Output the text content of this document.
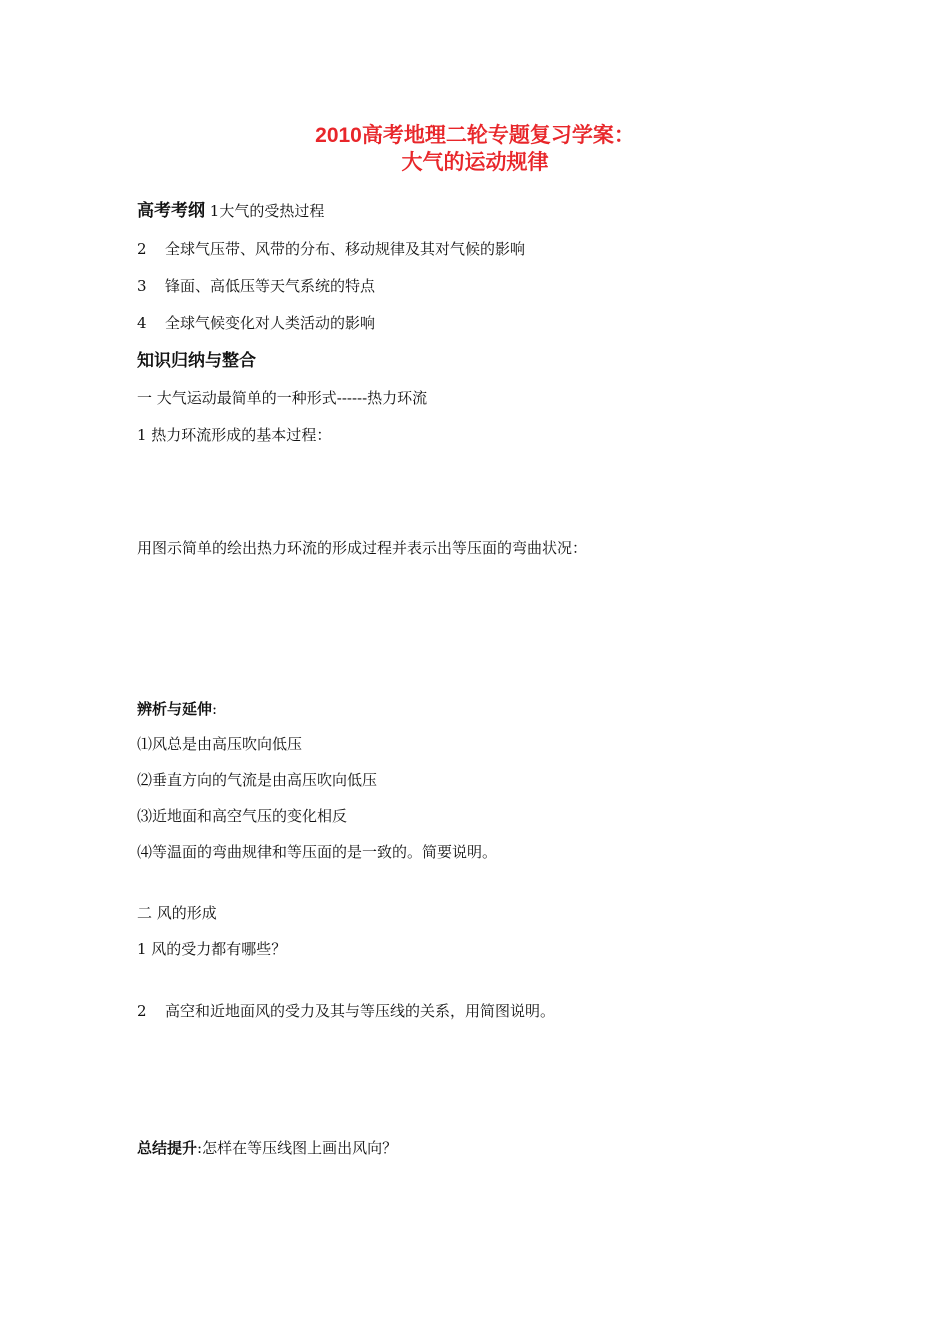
2010高考地理二轮专题复习学案：

大气的运动规律

高考考纲 1大气的受热过程
2 全球气压带、风带的分布、移动规律及其对气候的影响
3 锋面、高低压等天气系统的特点
4 全球气候变化对人类活动的影响
知识归纳与整合
一 大气运动最简单的一种形式------热力环流
1 热力环流形成的基本过程：
用图示简单的绘出热力环流的形成过程并表示出等压面的弯曲状况：
辨析与延伸:
⑴风总是由高压吹向低压
⑵垂直方向的气流是由高压吹向低压
⑶近地面和高空气压的变化相反
⑷等温面的弯曲规律和等压面的是一致的。简要说明。
二 风的形成
1 风的受力都有哪些？
2 高空和近地面风的受力及其与等压线的关系，用简图说明。
总结提升:怎样在等压线图上画出风向？
